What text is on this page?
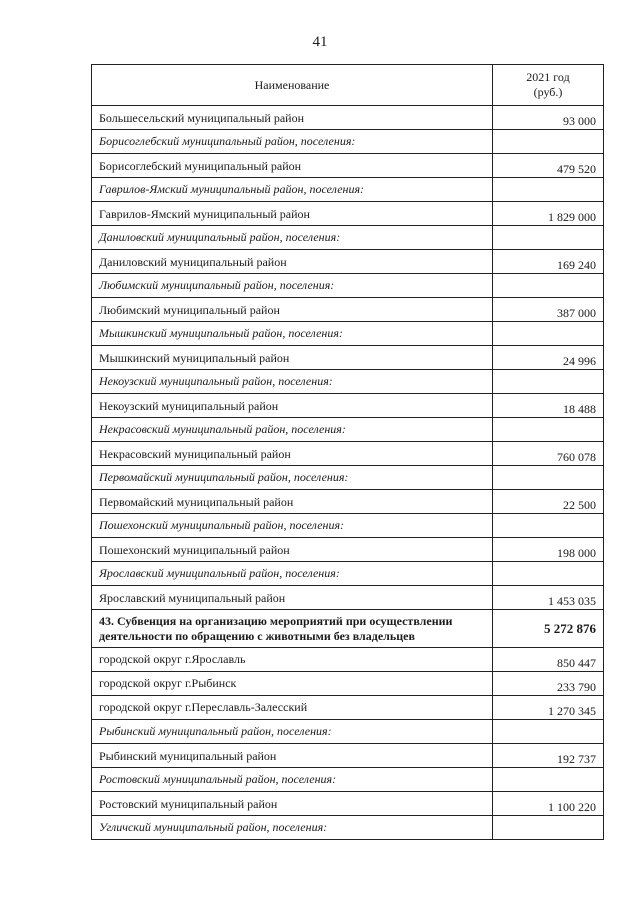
41
Наименование	2021 год
(руб.)
Большесельский муниципальный район	93 000
Борисоглебский муниципальный район, поселения:	
Борисоглебский муниципальный район	479 520
Гаврилов-Ямский муниципальный район, поселения:	
Гаврилов-Ямский муниципальный район	1 829 000
Даниловский муниципальный район, поселения:	
Даниловский муниципальный район	169 240
Любимский муниципальный район, поселения:	
Любимский муниципальный район	387 000
Мышкинский муниципальный район, поселения:	
Мышкинский муниципальный район	24 996
Некоузский муниципальный район, поселения:	
Некоузский муниципальный район	18 488
Некрасовский муниципальный район, поселения:	
Некрасовский муниципальный район	760 078
Первомайский муниципальный район, поселения:	
Первомайский муниципальный район	22 500
Пошехонский муниципальный район, поселения:	
Пошехонский муниципальный район	198 000
Ярославский муниципальный район, поселения:	
Ярославский муниципальный район	1 453 035
43. Субвенция на организацию мероприятий при осуществлении деятельности по обращению с животными без владельцев	5 272 876
городской округ г.Ярославль	850 447
городской округ г.Рыбинск	233 790
городской округ г.Переславль-Залесский	1 270 345
Рыбинский муниципальный район, поселения:	
Рыбинский муниципальный район	192 737
Ростовский муниципальный район, поселения:	
Ростовский муниципальный район	1 100 220
Угличский муниципальный район, поселения:	
